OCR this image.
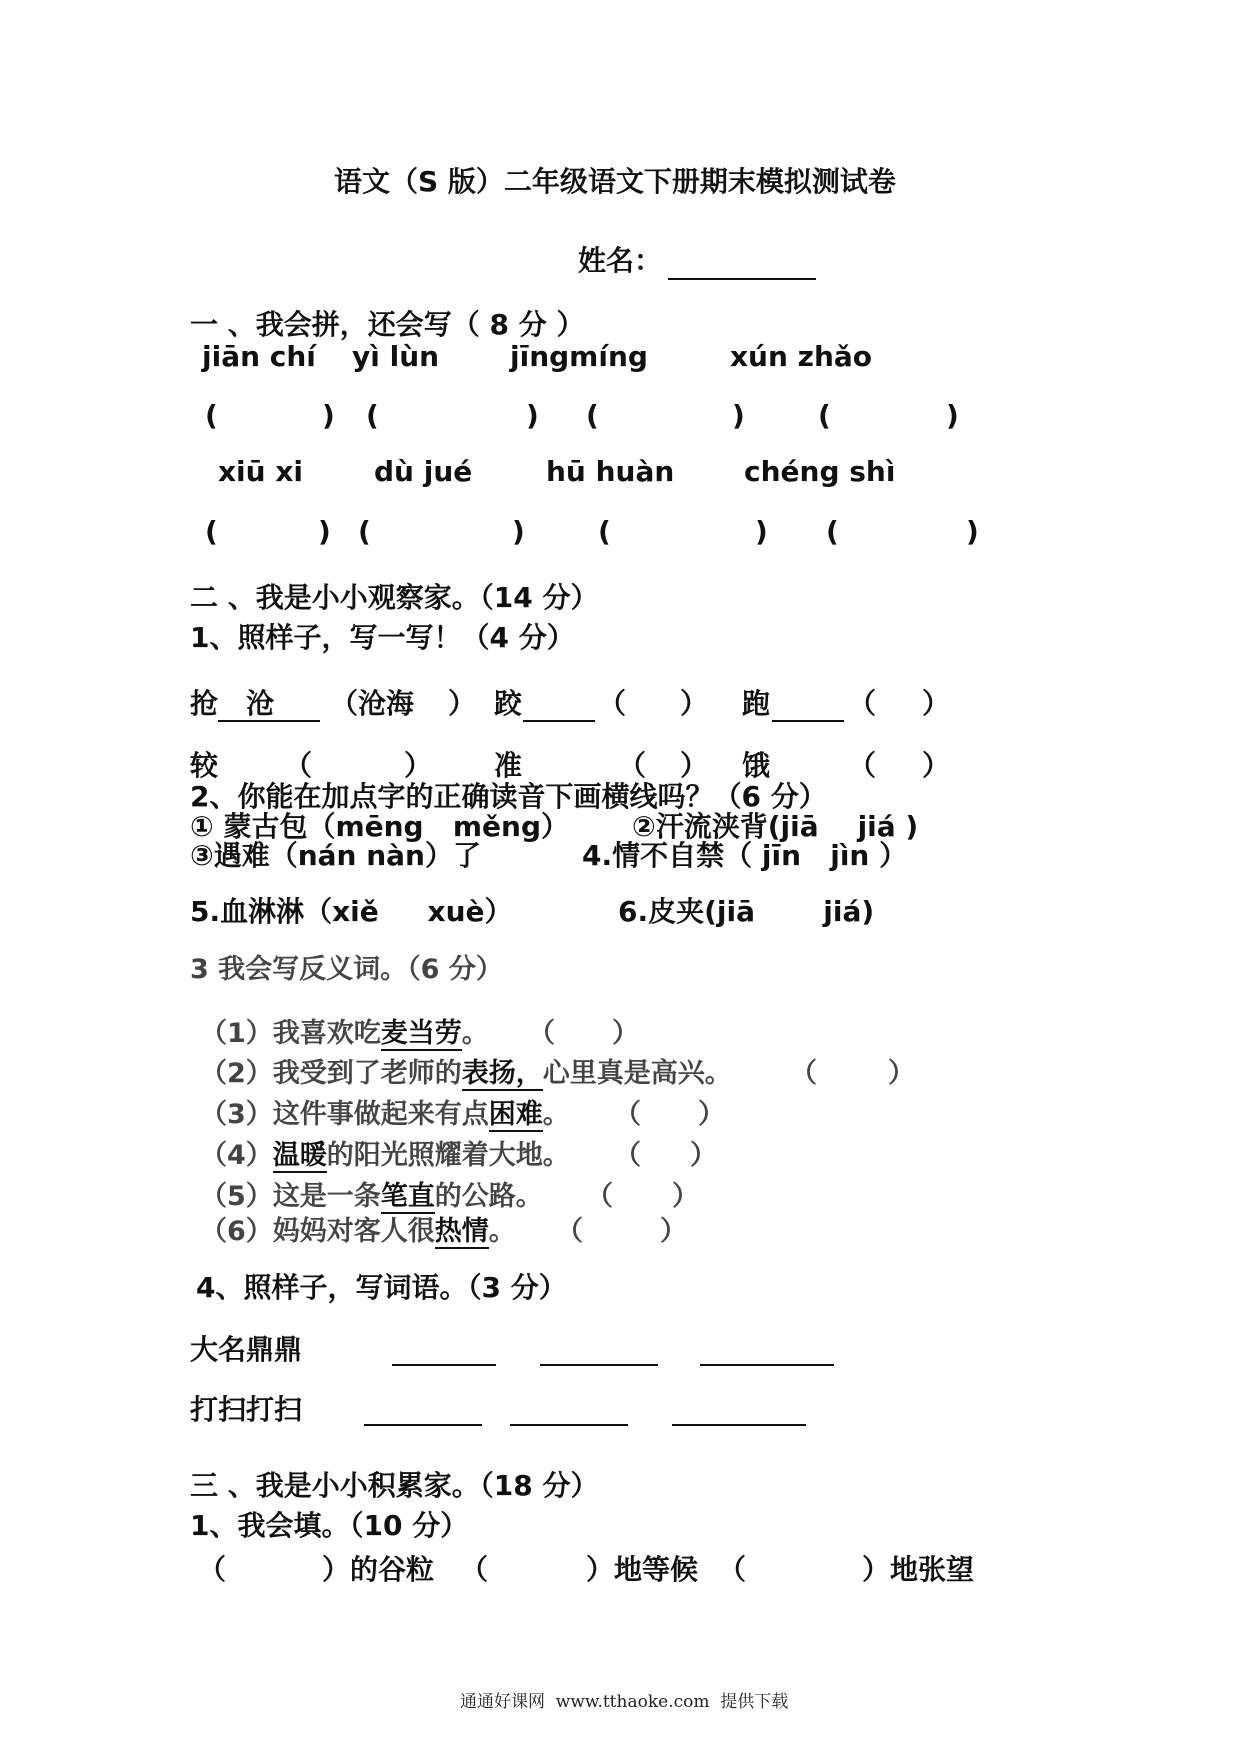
语文（S 版）二年级语文下册期末模拟测试卷
姓名：
一 、我会拼，还会写（ 8 分 ）
jiān chí yì lùn	jīngmíng	xún zhǎo
(	) (	) (	)	(	)
xiū xi	dù jué	hū huàn chéng shì
(	) (	)	(	) (	)
二 、我是小小观察家。（14 分）
1、照样子，写一写！（4 分）
抢 沧 （沧海 ） 跤	（ ） 跑	（ ）
较 （	） 准	（ ） 饿	（ ）
2、你能在加点字的正确读音下画横线吗？（6 分）
① 蒙古包（mēng   měng） ②汗流浃背(jiā    jiá )
③遇难（nán nàn）了	4.情不自禁（ jīn   jìn ）
5.血淋淋（xiě     xuè）	6.皮夹(jiā       jiá)
3 我会写反义词。（6 分）
（1）我喜欢吃麦当劳。 （ ）
（2）我受到了老师的表扬，心里真是高兴。 （	）
（3）这件事做起来有点困难。 （ ）
（4）温暖的阳光照耀着大地。 （ ）
（5）这是一条笔直的公路。 （ ）
（6）妈妈对客人很热情。 （	）
4、照样子，写词语。（3 分）
大名鼎鼎
打扫打扫
三 、我是小小积累家。（18 分）
1、我会填。（10 分）
（	）的谷粒 （	）地等候 （	）地张望
通通好课网  www.tthaoke.com  提供下载
